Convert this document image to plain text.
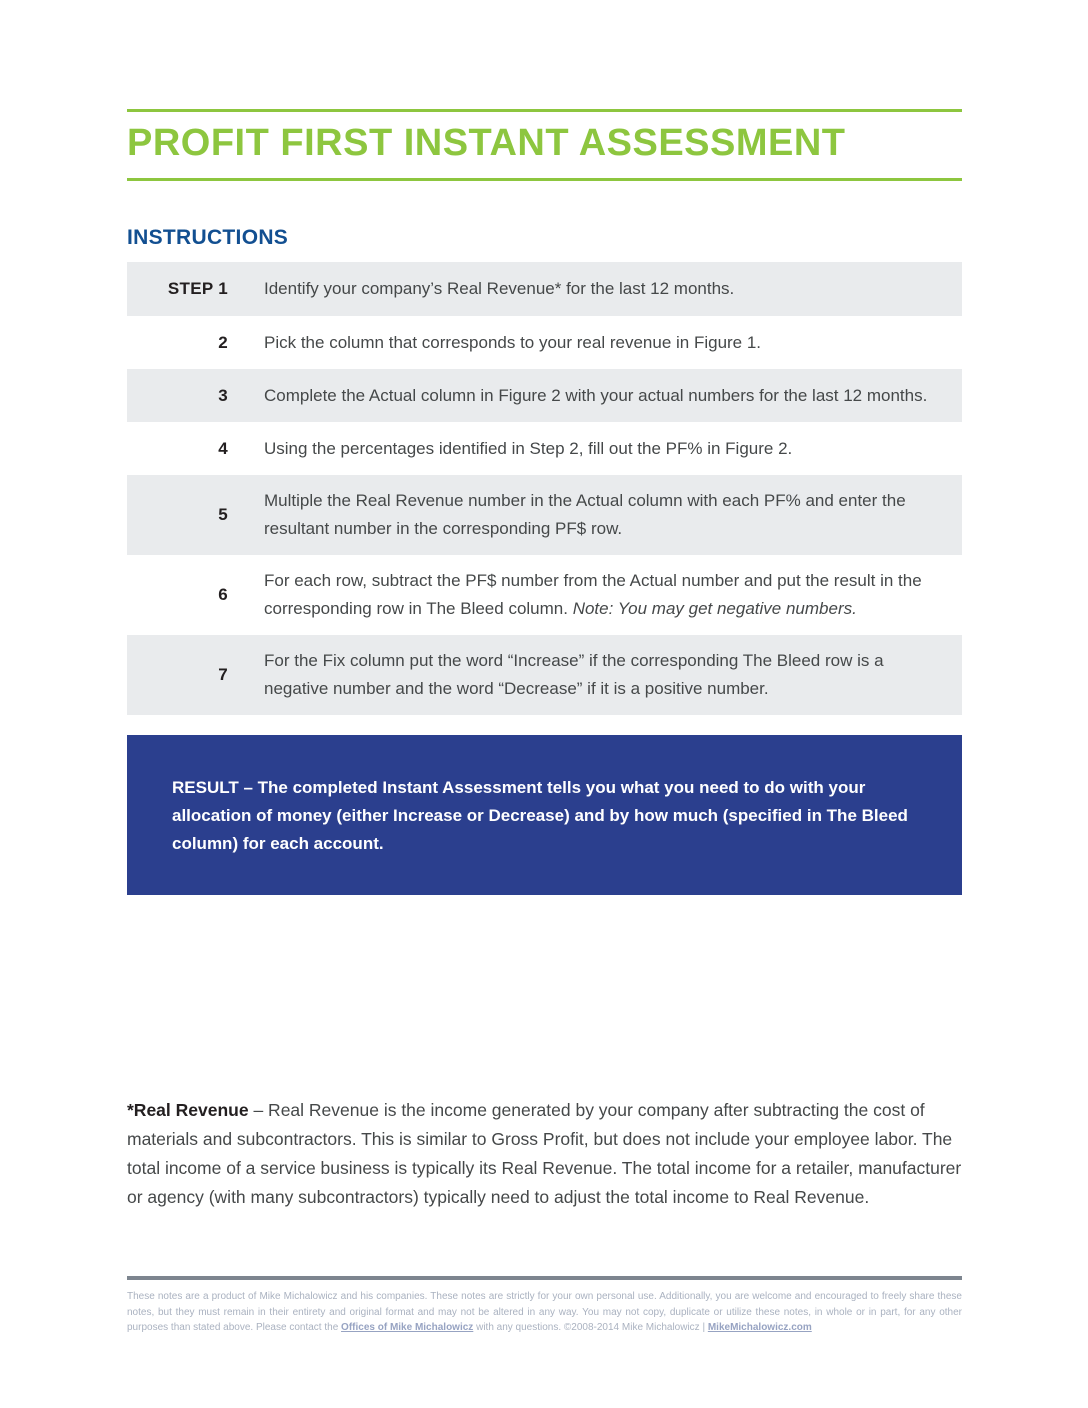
PROFIT FIRST INSTANT ASSESSMENT
INSTRUCTIONS
STEP 1 Identify your company’s Real Revenue* for the last 12 months.
2 Pick the column that corresponds to your real revenue in Figure 1.
3 Complete the Actual column in Figure 2 with your actual numbers for the last 12 months.
4 Using the percentages identified in Step 2, fill out the PF% in Figure 2.
5
Multiple the Real Revenue number in the Actual column with each PF% and enter the resultant number in the corresponding PF$ row.
6
For each row, subtract the PF$ number from the Actual number and put the result in the corresponding row in The Bleed column. Note: You may get negative numbers.
7
For the Fix column put the word “Increase” if the corresponding The Bleed row is a negative number and the word “Decrease” if it is a positive number.
RESULT – The completed Instant Assessment tells you what you need to do with your allocation of money (either Increase or Decrease) and by how much (specified in The Bleed column) for each account.

*Real Revenue – Real Revenue is the income generated by your company after subtracting the cost of materials and subcontractors. This is similar to Gross Profit, but does not include your employee labor. The total income of a service business is typically its Real Revenue. The total income for a retailer, manufacturer or agency (with many subcontractors) typically need to adjust the total income to Real Revenue.

These notes are a product of Mike Michalowicz and his companies. These notes are strictly for your own personal use. Additionally, you are welcome and encouraged to freely share these notes, but they must remain in their entirety and original format and may not be altered in any way. You may not copy, duplicate or utilize these notes, in whole or in part, for any other purposes than stated above. Please contact the Offices of Mike Michalowicz with any questions. ©2008-2014 Mike Michalowicz | MikeMichalowicz.com
